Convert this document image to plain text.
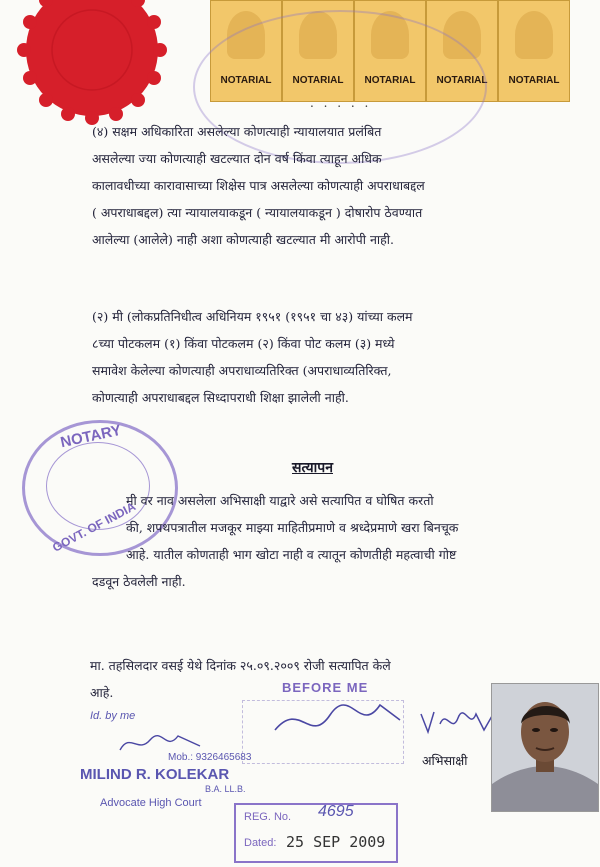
NOTARIAL	NOTARIAL	NOTARIAL	NOTARIAL	NOTARIAL
. . . . .
(४) सक्षम अधिकारिता असलेल्या कोणत्याही न्यायालयात प्रलंबित
असलेल्या ज्या कोणत्याही खटल्यात दोन वर्ष किंवा त्याहून अधिक
कालावधीच्या कारावासाच्या शिक्षेस पात्र असलेल्या कोणत्याही अपराधाबद्दल
( अपराधाबद्दल) त्या न्यायालयाकडून ( न्यायालयाकडून ) दोषारोप ठेवण्यात
आलेल्या (आलेले) नाही अशा कोणत्याही खटल्यात मी आरोपी नाही.
(२) मी (लोकप्रतिनिधीत्व अधिनियम १९५१ (१९५१ चा ४३) यांच्या कलम
८च्या पोटकलम (१) किंवा पोटकलम (२) किंवा पोट कलम (३) मध्ये
समावेश केलेल्या कोणत्याही अपराधाव्यतिरिक्त (अपराधाव्यतिरिक्त,
कोणत्याही अपराधाबद्दल सिध्दापराधी शिक्षा झालेली नाही.
NOTARY
GOVT. OF INDIA
सत्यापन
मी वर नाव असलेला अभिसाक्षी याद्वारे असे सत्यापित व घोषित करतो
की, शपथपत्रातील मजकूर माझ्या माहितीप्रमाणे व श्रध्देप्रमाणे खरा बिनचूक
आहे. यातील कोणताही भाग खोटा नाही व त्यातून कोणतीही महत्वाची गोष्ट
दडवून ठेवलेली नाही.
मा. तहसिलदार वसई येथे दिनांक २५.०९.२००९ रोजी सत्यापित केले
आहे.	BEFORE ME
Id. by me
Mob.: 9326465683
MILIND R. KOLEKAR
B.A. LL.B.
Advocate High Court
REG. No. 4695
Dated: 25 SEP 2009
अभिसाक्षी
